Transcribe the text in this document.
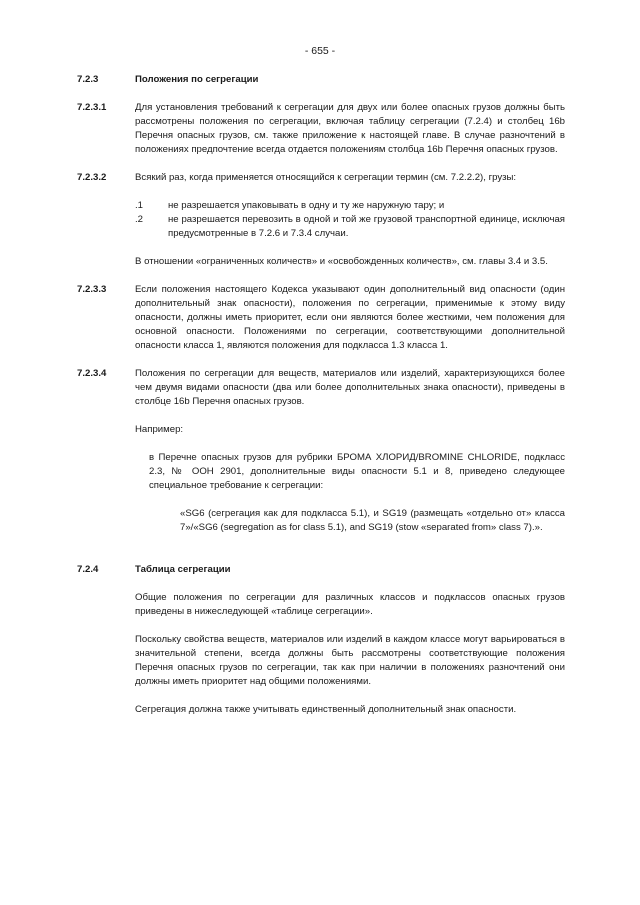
- 655 -
7.2.3	Положения по сегрегации
7.2.3.1	Для установления требований к сегрегации для двух или более опасных грузов должны быть рассмотрены положения по сегрегации, включая таблицу сегрегации (7.2.4) и столбец 16b Перечня опасных грузов, см. также приложение к настоящей главе. В случае разночтений в положениях предпочтение всегда отдается положениям столбца 16b Перечня опасных грузов.
7.2.3.2	Всякий раз, когда применяется относящийся к сегрегации термин (см. 7.2.2.2), грузы:
.1	не разрешается упаковывать в одну и ту же наружную тару; и
.2	не разрешается перевозить в одной и той же грузовой транспортной единице, исключая предусмотренные в 7.2.6 и 7.3.4 случаи.
В отношении «ограниченных количеств» и «освобожденных количеств», см. главы 3.4 и 3.5.
7.2.3.3	Если положения настоящего Кодекса указывают один дополнительный вид опасности (один дополнительный знак опасности), положения по сегрегации, применимые к этому виду опасности, должны иметь приоритет, если они являются более жесткими, чем положения для основной опасности. Положениями по сегрегации, соответствующими дополнительной опасности класса 1, являются положения для подкласса 1.3 класса 1.
7.2.3.4	Положения по сегрегации для веществ, материалов или изделий, характеризующихся более чем двумя видами опасности (два или более дополнительных знака опасности), приведены в столбце 16b Перечня опасных грузов.
Например:
в Перечне опасных грузов для рубрики БРОМА ХЛОРИД/BROMINE CHLORIDE, подкласс 2.3, № ООН 2901, дополнительные виды опасности 5.1 и 8, приведено следующее специальное требование к сегрегации:
«SG6 (сегрегация как для подкласса 5.1), и SG19 (размещать «отдельно от» класса 7»/«SG6 (segregation as for class 5.1), and SG19 (stow «separated from» class 7).».
7.2.4	Таблица сегрегации
Общие положения по сегрегации для различных классов и подклассов опасных грузов приведены в нижеследующей «таблице сегрегации».
Поскольку свойства веществ, материалов или изделий в каждом классе могут варьироваться в значительной степени, всегда должны быть рассмотрены соответствующие положения Перечня опасных грузов по сегрегации, так как при наличии в положениях разночтений они должны иметь приоритет над общими положениями.
Сегрегация должна также учитывать единственный дополнительный знак опасности.
